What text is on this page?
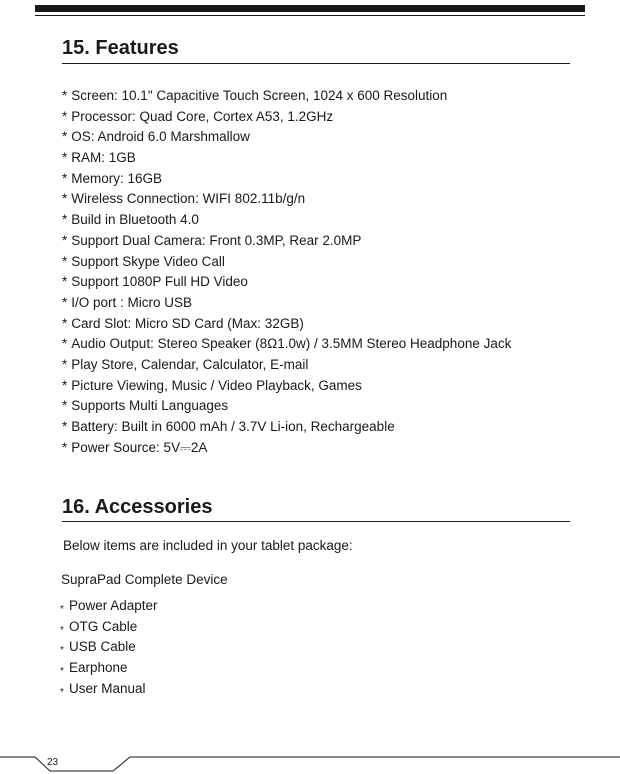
15. Features
* Screen: 10.1" Capacitive Touch Screen, 1024 x 600 Resolution
* Processor: Quad Core, Cortex A53, 1.2GHz
* OS: Android 6.0 Marshmallow
* RAM: 1GB
* Memory: 16GB
* Wireless Connection: WIFI 802.11b/g/n
* Build in Bluetooth 4.0
* Support Dual Camera: Front 0.3MP, Rear 2.0MP
* Support Skype Video Call
* Support 1080P Full HD Video
* I/O port : Micro USB
* Card Slot: Micro SD Card (Max: 32GB)
* Audio Output: Stereo Speaker (8Ω1.0w) / 3.5MM Stereo Headphone Jack
* Play Store, Calendar, Calculator, E-mail
* Picture Viewing, Music / Video Playback, Games
* Supports Multi Languages
* Battery: Built in 6000 mAh / 3.7V Li-ion, Rechargeable
* Power Source: 5V⎓2A
16. Accessories
Below items are included in your tablet package:
SupraPad Complete Device
* Power Adapter
* OTG Cable
* USB Cable
* Earphone
* User Manual
23
